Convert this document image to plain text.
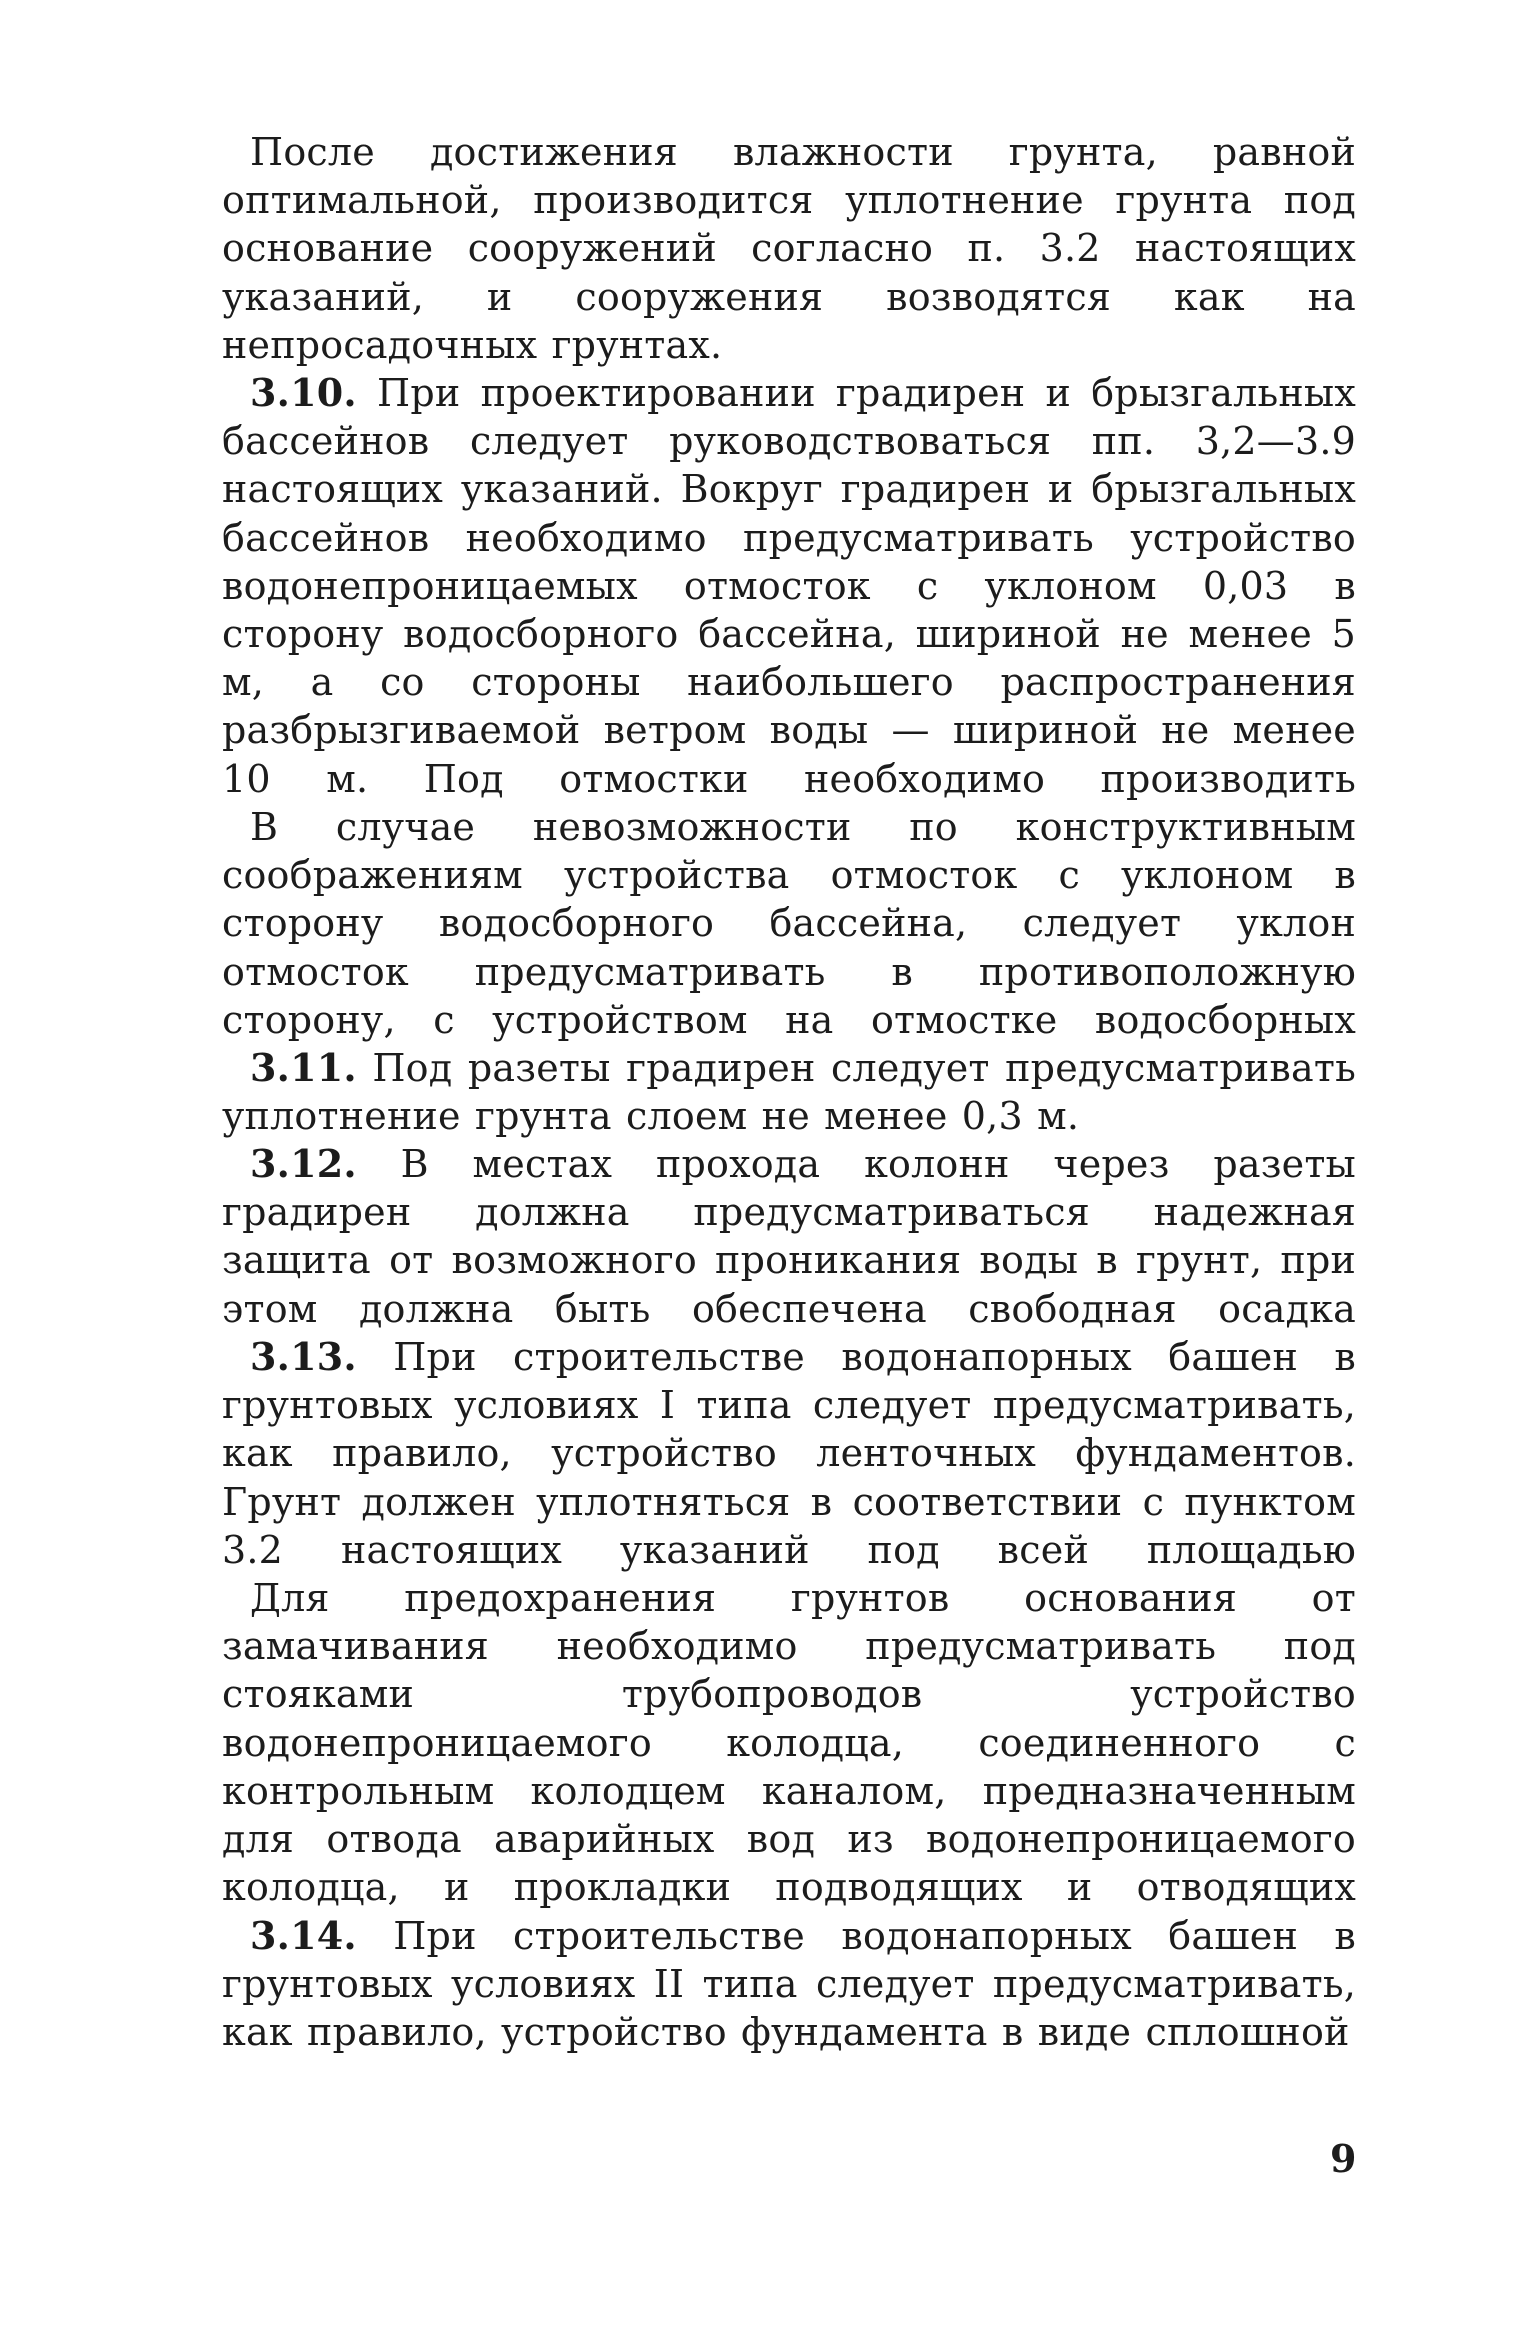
После достижения влажности грунта, равной оптимальной, производится уплотнение грунта под основание сооружений согласно п. 3.2 настоящих указаний, и сооружения возводятся как на непросадочных грунтах.

3.10. При проектировании градирен и брызгальных бассейнов следует руководствоваться пп. 3,2—3.9 настоящих указаний. Вокруг градирен и брызгальных бассейнов необходимо предусматривать устройство водонепроницаемых отмосток с уклоном 0,03 в сторону водосборного бассейна, шириной не менее 5 м, а со стороны наибольшего распространения разбрызгиваемой ветром воды — шириной не менее 10 м. Под отмостки необходимо производить

В случае невозможности по конструктивным соображениям устройства отмосток с уклоном в сторону водосборного бассейна, следует уклон отмосток предусматривать в противоположную сторону, с устройством на отмостке водосборных

3.11. Под разеты градирен следует предусматривать уплотнение грунта слоем не менее 0,3 м.

3.12. В местах прохода колонн через разеты градирен должна предусматриваться надежная защита от возможного проникания воды в грунт, при этом должна быть обеспечена свободная осадка

3.13. При строительстве водонапорных башен в грунтовых условиях I типа следует предусматривать, как правило, устройство ленточных фундаментов. Грунт должен уплотняться в соответствии с пунктом 3.2 настоящих указаний под всей площадью

Для предохранения грунтов основания от замачивания необходимо предусматривать под стояками трубопроводов устройство водонепроницаемого колодца, соединенного с контрольным колодцем каналом, предназначенным для отвода аварийных вод из водонепроницаемого колодца, и прокладки подводящих и отводящих

3.14. При строительстве водонапорных башен в грунтовых условиях II типа следует предусматривать, как правило, устройство фундамента в виде сплошной

9
